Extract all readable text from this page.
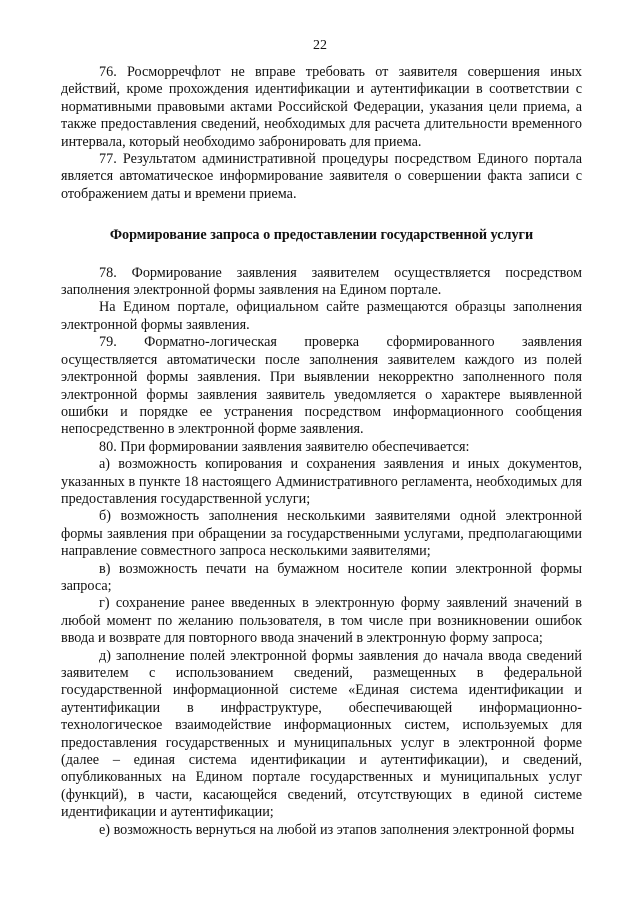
22

76. Росморречфлот не вправе требовать от заявителя совершения иных действий, кроме прохождения идентификации и аутентификации в соответствии с нормативными правовыми актами Российской Федерации, указания цели приема, а также предоставления сведений, необходимых для расчета длительности временного интервала, который необходимо забронировать для приема.

77. Результатом административной процедуры посредством Единого портала является автоматическое информирование заявителя о совершении факта записи с отображением даты и времени приема.

Формирование запроса о предоставлении государственной услуги

78. Формирование заявления заявителем осуществляется посредством заполнения электронной формы заявления на Едином портале.

На Едином портале, официальном сайте размещаются образцы заполнения электронной формы заявления.

79. Форматно-логическая проверка сформированного заявления осуществляется автоматически после заполнения заявителем каждого из полей электронной формы заявления. При выявлении некорректно заполненного поля электронной формы заявления заявитель уведомляется о характере выявленной ошибки и порядке ее устранения посредством информационного сообщения непосредственно в электронной форме заявления.

80. При формировании заявления заявителю обеспечивается:

а) возможность копирования и сохранения заявления и иных документов, указанных в пункте 18 настоящего Административного регламента, необходимых для предоставления государственной услуги;

б) возможность заполнения несколькими заявителями одной электронной формы заявления при обращении за государственными услугами, предполагающими направление совместного запроса несколькими заявителями;

в) возможность печати на бумажном носителе копии электронной формы запроса;

г) сохранение ранее введенных в электронную форму заявлений значений в любой момент по желанию пользователя, в том числе при возникновении ошибок ввода и возврате для повторного ввода значений в электронную форму запроса;

д) заполнение полей электронной формы заявления до начала ввода сведений заявителем с использованием сведений, размещенных в федеральной государственной информационной системе «Единая система идентификации и аутентификации в инфраструктуре, обеспечивающей информационно-технологическое взаимодействие информационных систем, используемых для предоставления государственных и муниципальных услуг в электронной форме (далее – единая система идентификации и аутентификации), и сведений, опубликованных на Едином портале государственных и муниципальных услуг (функций), в части, касающейся сведений, отсутствующих в единой системе идентификации и аутентификации;

е) возможность вернуться на любой из этапов заполнения электронной формы
